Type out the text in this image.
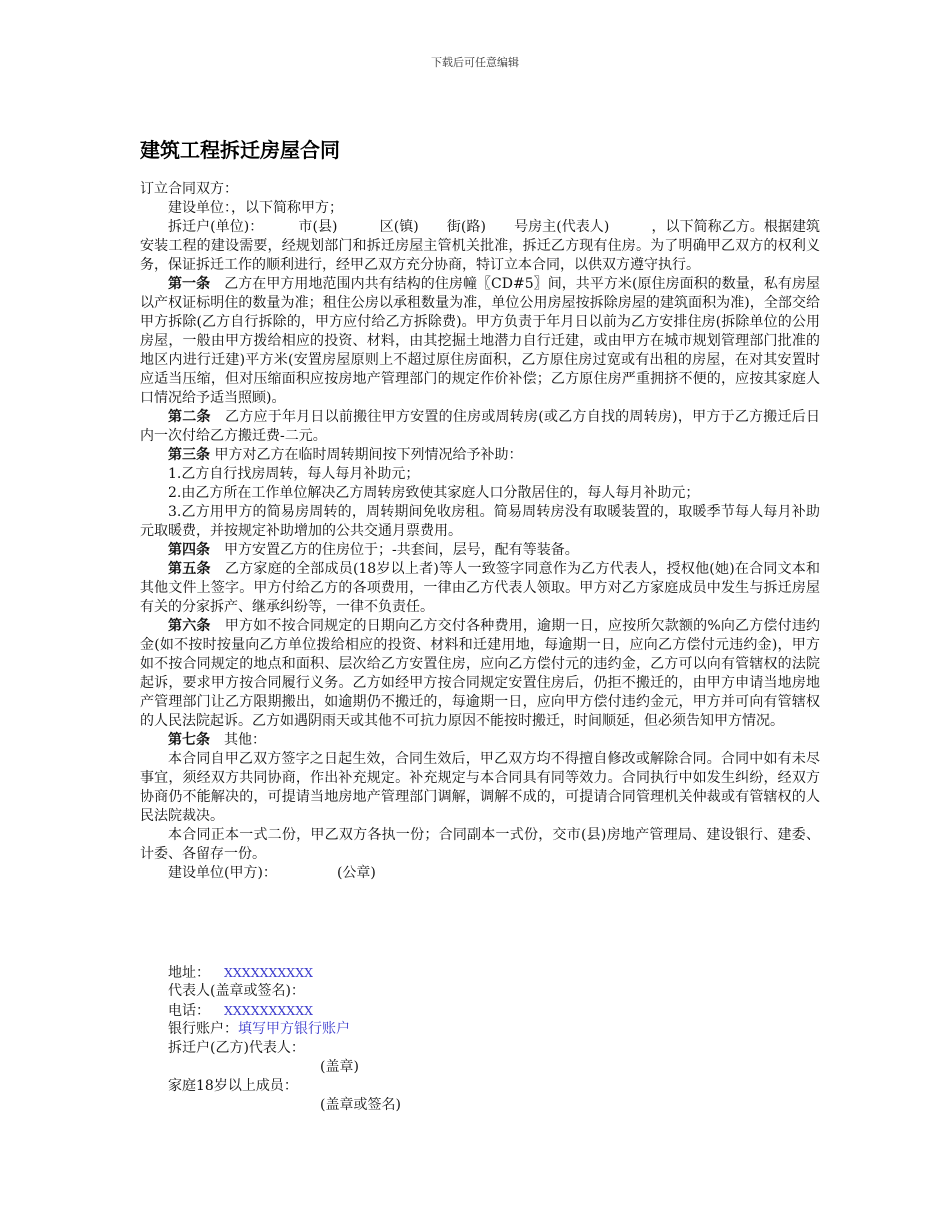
下载后可任意编辑
建筑工程拆迁房屋合同

订立合同双方：

建设单位：，以下简称甲方；

拆迁户(单位)：　　　市(县)　　　区(镇)　　街(路)　　号房主(代表人)　　　，以下简称乙方。根据建筑安装工程的建设需要，经规划部门和拆迁房屋主管机关批准，拆迁乙方现有住房。为了明确甲乙双方的权利义务，保证拆迁工作的顺利进行，经甲乙双方充分协商，特订立本合同，以供双方遵守执行。

第一条　 乙方在甲方用地范围内共有结构的住房幢〖CD#5〗间，共平方米(原住房面积的数量，私有房屋以产权证标明住的数量为准；租住公房以承租数量为准，单位公用房屋按拆除房屋的建筑面积为准)，全部交给甲方拆除(乙方自行拆除的，甲方应付给乙方拆除费)。甲方负责于年月日以前为乙方安排住房(拆除单位的公用房屋，一般由甲方拨给相应的投资、材料，由其挖掘土地潜力自行迁建，或由甲方在城市规划管理部门批准的地区内进行迁建)平方米(安置房屋原则上不超过原住房面积，乙方原住房过宽或有出租的房屋，在对其安置时应适当压缩，但对压缩面积应按房地产管理部门的规定作价补偿；乙方原住房严重拥挤不便的，应按其家庭人口情况给予适当照顾)。

第二条　 乙方应于年月日以前搬往甲方安置的住房或周转房(或乙方自找的周转房)，甲方于乙方搬迁后日内一次付给乙方搬迁费-二元。

第三条 甲方对乙方在临时周转期间按下列情况给予补助：

1.乙方自行找房周转，每人每月补助元；

2.由乙方所在工作单位解决乙方周转房致使其家庭人口分散居住的，每人每月补助元；

3.乙方用甲方的简易房周转的，周转期间免收房租。简易周转房没有取暖装置的，取暖季节每人每月补助元取暖费，并按规定补助增加的公共交通月票费用。

第四条　 甲方安置乙方的住房位于；-共套间，层号，配有等装备。

第五条　 乙方家庭的全部成员(18岁以上者)等人一致签字同意作为乙方代表人，授权他(她)在合同文本和其他文件上签字。甲方付给乙方的各项费用，一律由乙方代表人领取。甲方对乙方家庭成员中发生与拆迁房屋有关的分家拆产、继承纠纷等，一律不负责任。

第六条　 甲方如不按合同规定的日期向乙方交付各种费用，逾期一日，应按所欠款额的%向乙方偿付违约金(如不按时按量向乙方单位拨给相应的投资、材料和迁建用地，每逾期一日，应向乙方偿付元违约金)，甲方如不按合同规定的地点和面积、层次给乙方安置住房，应向乙方偿付元的违约金，乙方可以向有管辖权的法院起诉，要求甲方按合同履行义务。乙方如经甲方按合同规定安置住房后，仍拒不搬迁的，由甲方申请当地房地产管理部门让乙方限期搬出，如逾期仍不搬迁的，每逾期一日，应向甲方偿付违约金元，甲方并可向有管辖权的人民法院起诉。乙方如遇阴雨天或其他不可抗力原因不能按时搬迁，时间顺延，但必须告知甲方情况。

第七条　 其他：

本合同自甲乙双方签字之日起生效，合同生效后，甲乙双方均不得擅自修改或解除合同。合同中如有未尽事宜，须经双方共同协商，作出补充规定。补充规定与本合同具有同等效力。合同执行中如发生纠纷，经双方协商仍不能解决的，可提请当地房地产管理部门调解，调解不成的，可提请合同管理机关仲裁或有管辖权的人民法院裁决。

本合同正本一式二份，甲乙双方各执一份；合同副本一式份，交市(县)房地产管理局、建设银行、建委、计委、各留存一份。

建设单位(甲方)：	(公章)

地址： XXXXXXXXXX
代表人(盖章或签名)：
电话： XXXXXXXXXX
银行账户：填写甲方银行账户
拆迁户(乙方)代表人：
(盖章)
家庭18岁以上成员：
(盖章或签名)
